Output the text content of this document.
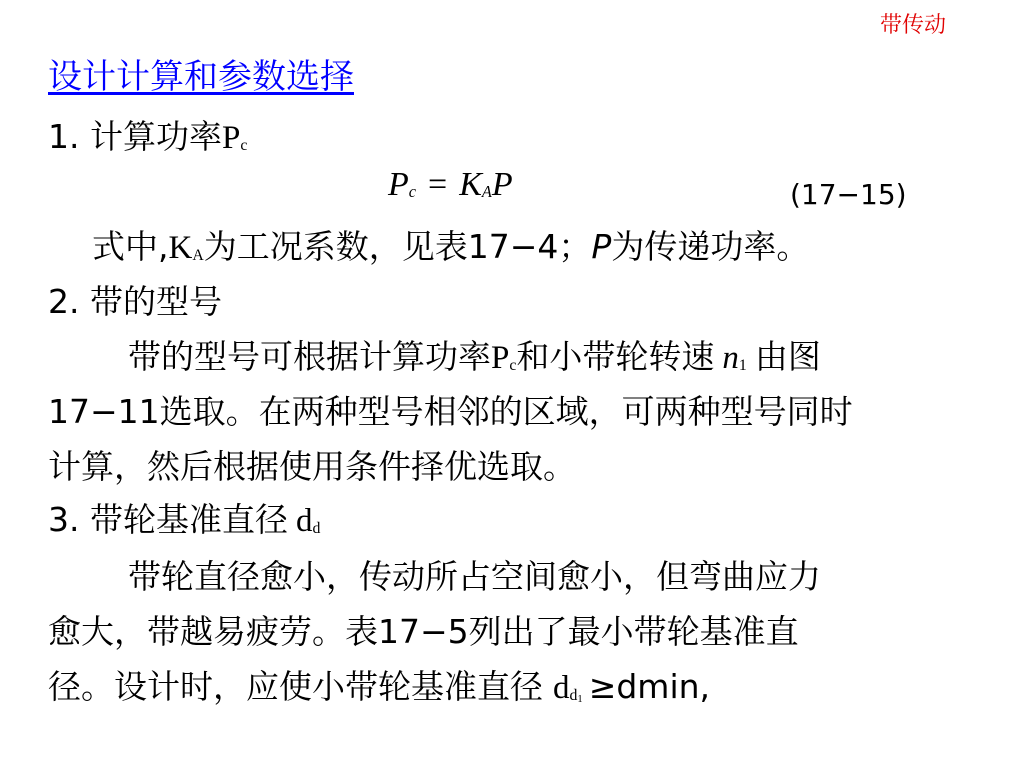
带传动
设计计算和参数选择
1. 计算功率Pc
Pc = KAP	(17−15)
式中,KA为工况系数，见表17−4；P为传递功率。
2. 带的型号
带的型号可根据计算功率Pc和小带轮转速 n1 由图
17−11选取。在两种型号相邻的区域，可两种型号同时
计算，然后根据使用条件择优选取。
3. 带轮基准直径 dd
带轮直径愈小，传动所占空间愈小，但弯曲应力
愈大，带越易疲劳。表17−5列出了最小带轮基准直
径。设计时，应使小带轮基准直径 dd1 ≥dmin,
